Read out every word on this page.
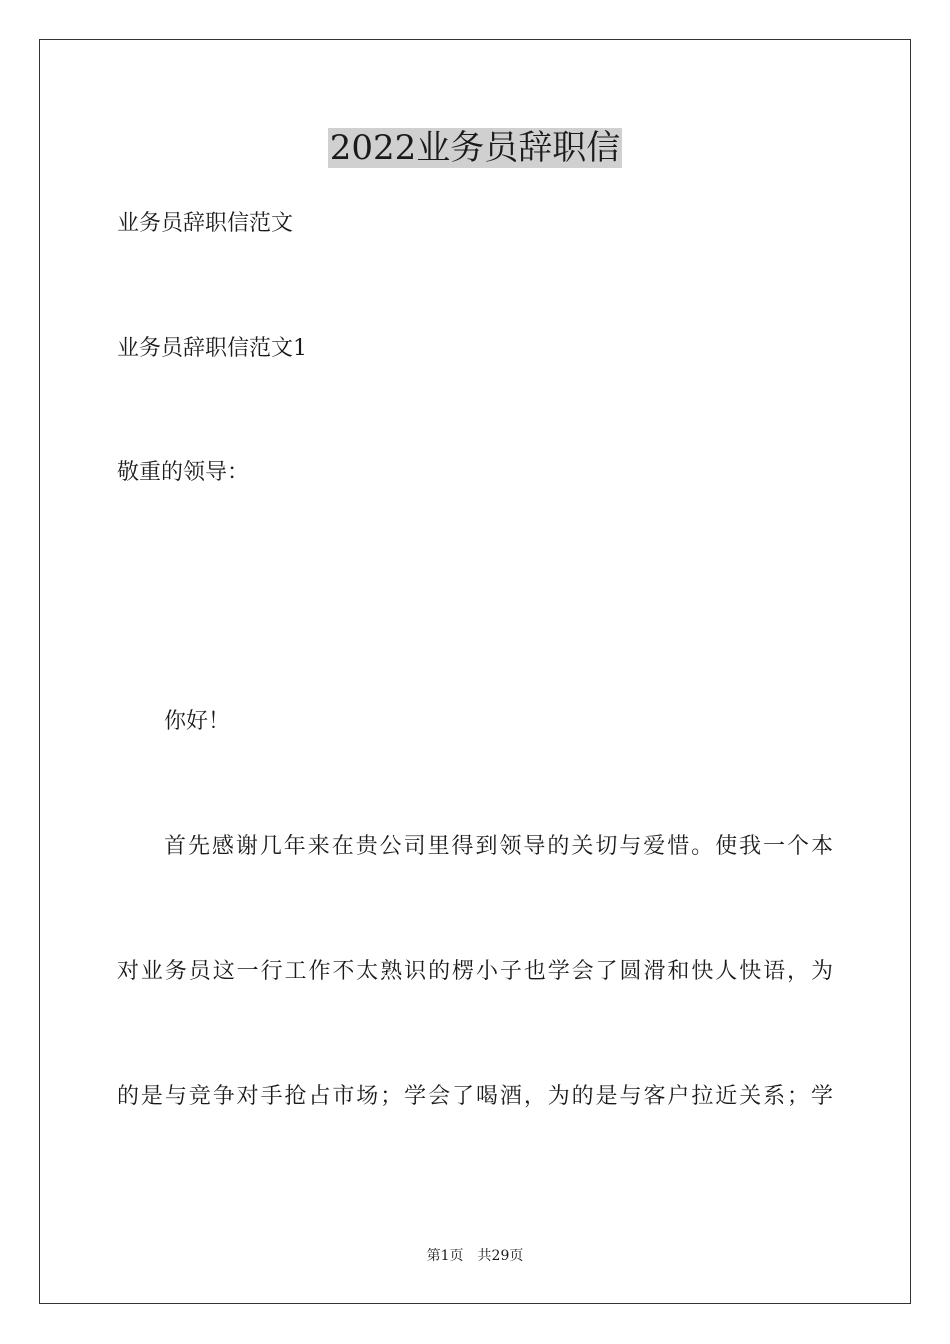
2022业务员辞职信
业务员辞职信范文
业务员辞职信范文1
敬重的领导：
你好！
首先感谢几年来在贵公司里得到领导的关切与爱惜。使我一个本
对业务员这一行工作不太熟识的楞小子也学会了圆滑和快人快语，为
的是与竞争对手抢占市场；学会了喝酒，为的是与客户拉近关系；学
第1页 共29页
